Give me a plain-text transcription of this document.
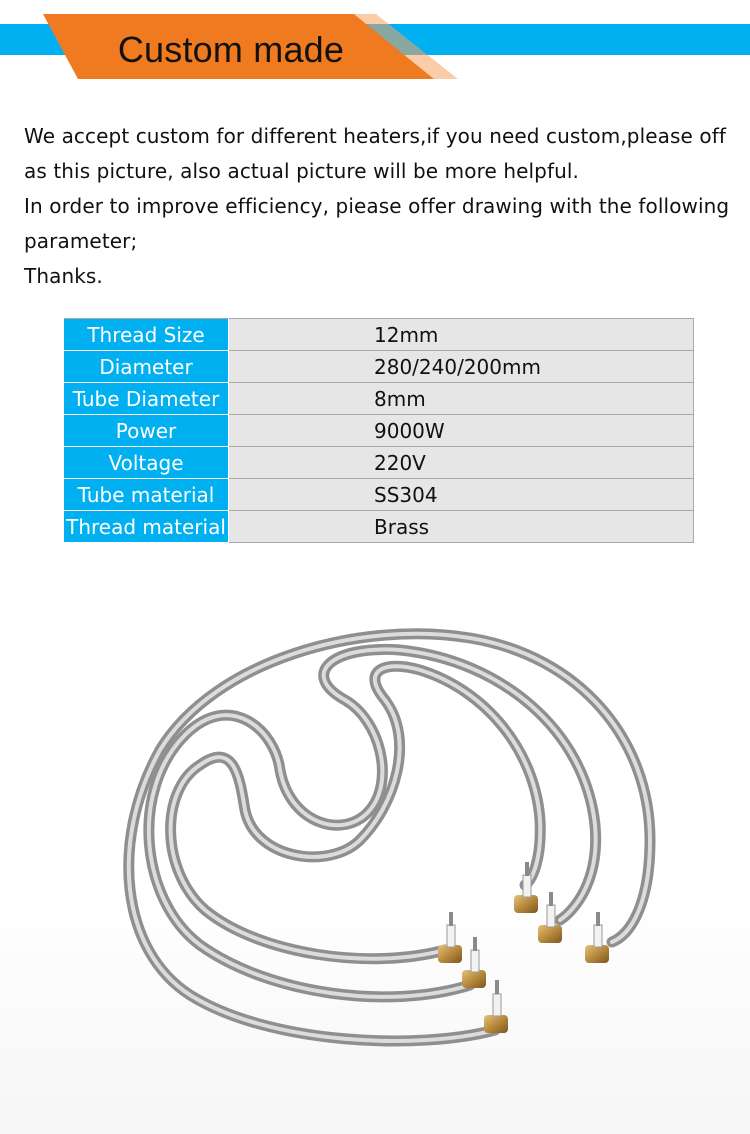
Custom made
We accept custom for different heaters,if you need custom,please off
as this picture, also actual picture will be more helpful.
In order to improve efficiency, piease offer drawing with the following
parameter;
Thanks.
Thread Size	12mm
Diameter	280/240/200mm
Tube Diameter	8mm
Power	9000W
Voltage	220V
Tube material	SS304
Thread material	Brass
